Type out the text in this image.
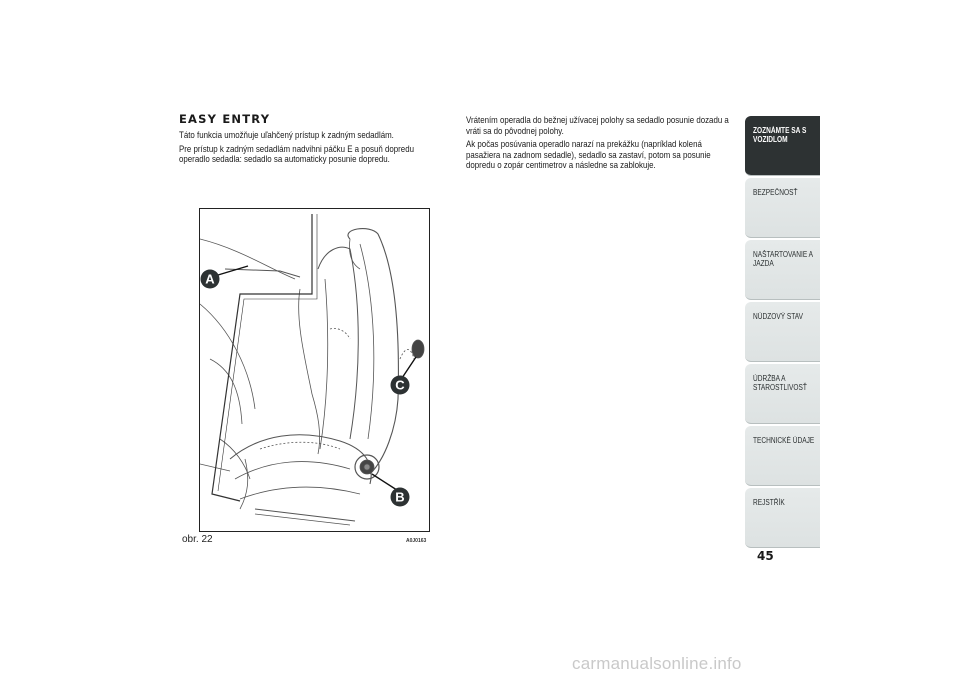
EASY ENTRY

Táto funkcia umožňuje uľahčený prístup k zadným sedadlám.

Pre prístup k zadným sedadlám nadvihni páčku E a posuň dopredu operadlo sedadla: sedadlo sa automaticky posunie dopredu.

Vrátením operadla do bežnej užívacej polohy sa sedadlo posunie dozadu a vráti sa do pôvodnej polohy.

Ak počas posúvania operadlo narazí na prekážku (napríklad kolená pasažiera na zadnom sedadle), sedadlo sa zastaví, potom sa posunie dopredu o zopár centimetrov a následne sa zablokuje.

A
C
B
obr. 22	A0J0163
ZOZNÁMTE SA S VOZIDLOM
BEZPEČNOSŤ
NAŠTARTOVANIE A JAZDA
NÚDZOVÝ STAV
ÚDRŽBA A STAROSTLIVOSŤ
TECHNICKÉ ÚDAJE
REJSTŘÍK
45
carmanualsonline.info
